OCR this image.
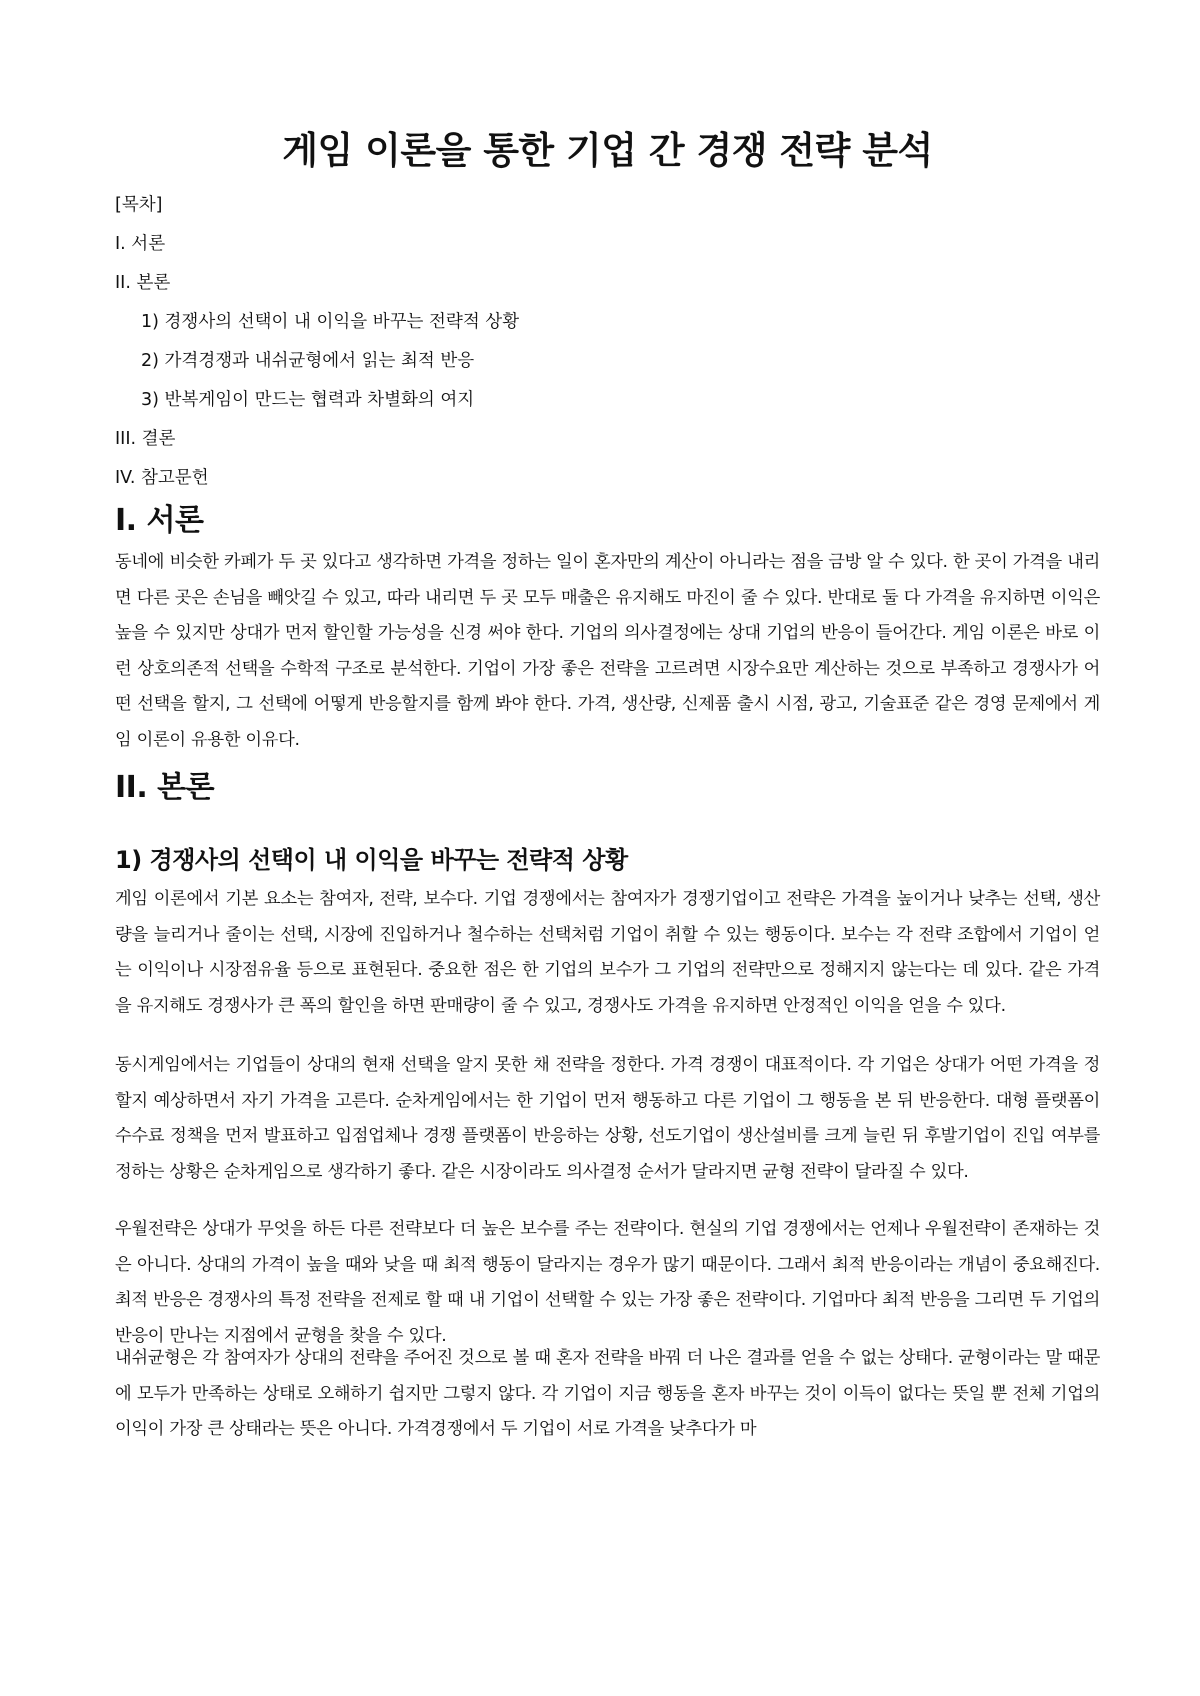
게임 이론을 통한 기업 간 경쟁 전략 분석
[목차]
I. 서론
II. 본론
1) 경쟁사의 선택이 내 이익을 바꾸는 전략적 상황
2) 가격경쟁과 내쉬균형에서 읽는 최적 반응
3) 반복게임이 만드는 협력과 차별화의 여지
III. 결론
IV. 참고문헌
I. 서론

동네에 비슷한 카페가 두 곳 있다고 생각하면 가격을 정하는 일이 혼자만의 계산이 아니라는 점을 금방 알 수 있다. 한 곳이 가격을 내리면 다른 곳은 손님을 빼앗길 수 있고, 따라 내리면 두 곳 모두 매출은 유지해도 마진이 줄 수 있다. 반대로 둘 다 가격을 유지하면 이익은 높을 수 있지만 상대가 먼저 할인할 가능성을 신경 써야 한다. 기업의 의사결정에는 상대 기업의 반응이 들어간다. 게임 이론은 바로 이런 상호의존적 선택을 수학적 구조로 분석한다. 기업이 가장 좋은 전략을 고르려면 시장수요만 계산하는 것으로 부족하고 경쟁사가 어떤 선택을 할지, 그 선택에 어떻게 반응할지를 함께 봐야 한다. 가격, 생산량, 신제품 출시 시점, 광고, 기술표준 같은 경영 문제에서 게임 이론이 유용한 이유다.

II. 본론
1) 경쟁사의 선택이 내 이익을 바꾸는 전략적 상황

게임 이론에서 기본 요소는 참여자, 전략, 보수다. 기업 경쟁에서는 참여자가 경쟁기업이고 전략은 가격을 높이거나 낮추는 선택, 생산량을 늘리거나 줄이는 선택, 시장에 진입하거나 철수하는 선택처럼 기업이 취할 수 있는 행동이다. 보수는 각 전략 조합에서 기업이 얻는 이익이나 시장점유율 등으로 표현된다. 중요한 점은 한 기업의 보수가 그 기업의 전략만으로 정해지지 않는다는 데 있다. 같은 가격을 유지해도 경쟁사가 큰 폭의 할인을 하면 판매량이 줄 수 있고, 경쟁사도 가격을 유지하면 안정적인 이익을 얻을 수 있다.

동시게임에서는 기업들이 상대의 현재 선택을 알지 못한 채 전략을 정한다. 가격 경쟁이 대표적이다. 각 기업은 상대가 어떤 가격을 정할지 예상하면서 자기 가격을 고른다. 순차게임에서는 한 기업이 먼저 행동하고 다른 기업이 그 행동을 본 뒤 반응한다. 대형 플랫폼이 수수료 정책을 먼저 발표하고 입점업체나 경쟁 플랫폼이 반응하는 상황, 선도기업이 생산설비를 크게 늘린 뒤 후발기업이 진입 여부를 정하는 상황은 순차게임으로 생각하기 좋다. 같은 시장이라도 의사결정 순서가 달라지면 균형 전략이 달라질 수 있다.

우월전략은 상대가 무엇을 하든 다른 전략보다 더 높은 보수를 주는 전략이다. 현실의 기업 경쟁에서는 언제나 우월전략이 존재하는 것은 아니다. 상대의 가격이 높을 때와 낮을 때 최적 행동이 달라지는 경우가 많기 때문이다. 그래서 최적 반응이라는 개념이 중요해진다. 최적 반응은 경쟁사의 특정 전략을 전제로 할 때 내 기업이 선택할 수 있는 가장 좋은 전략이다. 기업마다 최적 반응을 그리면 두 기업의 반응이 만나는 지점에서 균형을 찾을 수 있다.

내쉬균형은 각 참여자가 상대의 전략을 주어진 것으로 볼 때 혼자 전략을 바꿔 더 나은 결과를 얻을 수 없는 상태다. 균형이라는 말 때문에 모두가 만족하는 상태로 오해하기 쉽지만 그렇지 않다. 각 기업이 지금 행동을 혼자 바꾸는 것이 이득이 없다는 뜻일 뿐 전체 기업의 이익이 가장 큰 상태라는 뜻은 아니다. 가격경쟁에서 두 기업이 서로 가격을 낮추다가 마
